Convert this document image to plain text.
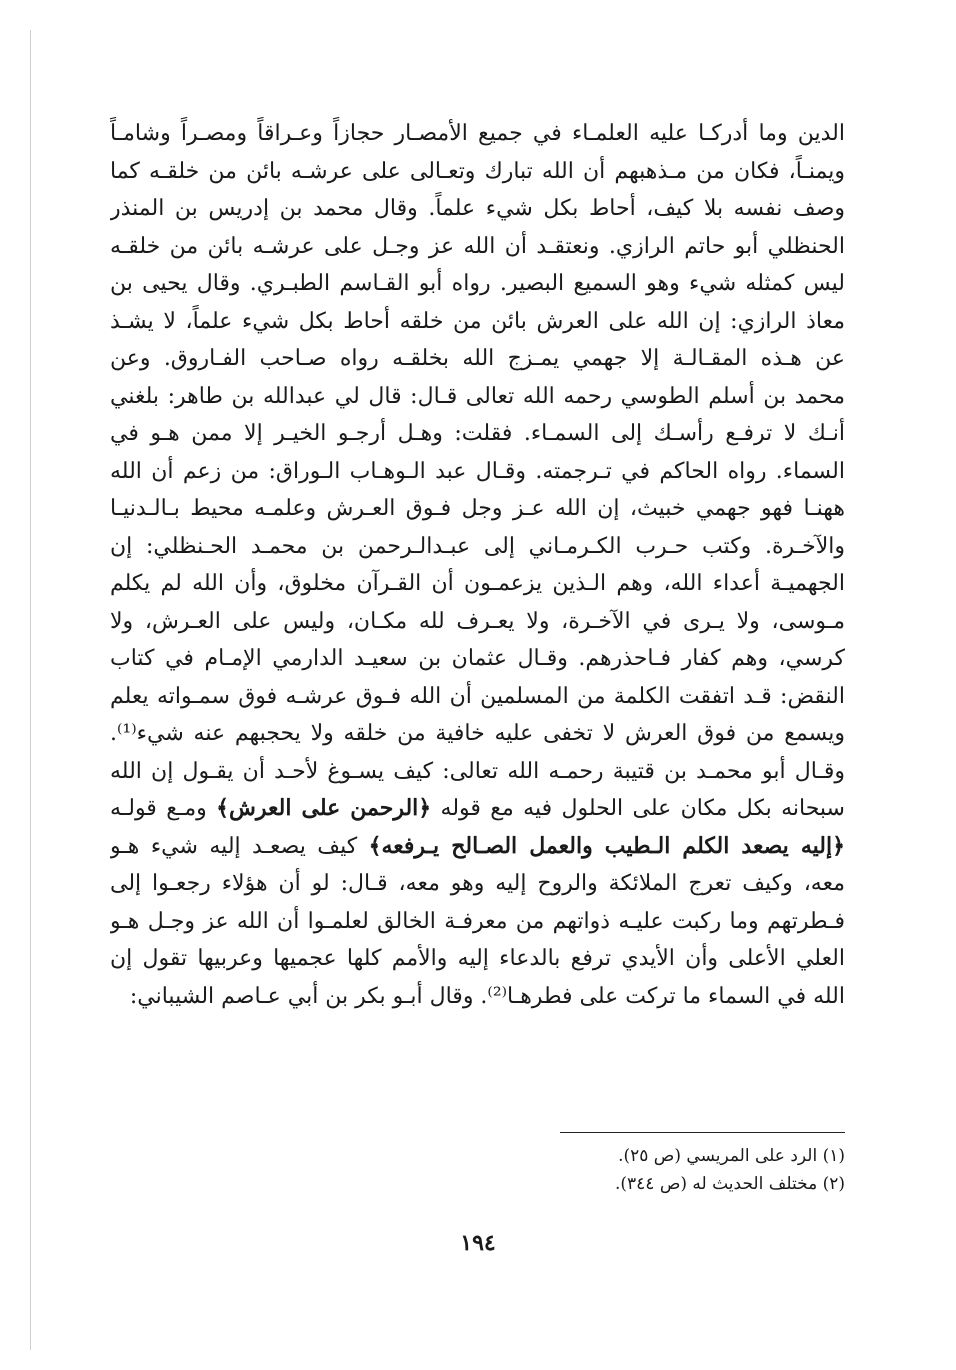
الدين وما أدركـا عليه العلمـاء في جميع الأمصـار حجازاً وعـراقاً ومصـراً وشامـاً
ويمنـاً، فكان من مـذهبهم أن الله تبارك وتعـالى على عرشـه بائن من خلقـه كما
وصف نفسه بلا كيف، أحاط بكل شيء علماً. وقال محمد بن إدريس بن المنذر
الحنظلي أبو حاتم الرازي. ونعتقـد أن الله عز وجـل على عرشـه بائن من خلقـه
ليس كمثله شيء وهو السميع البصير. رواه أبو القـاسم الطبـري. وقال يحيى بن
معاذ الرازي: إن الله على العرش بائن من خلقه أحاط بكل شيء علماً، لا يشـذ
عن هـذه المقـالـة إلا جهمي يمـزج الله بخلقـه رواه صـاحب الفـاروق. وعن
محمد بن أسلم الطوسي رحمه الله تعالى قـال: قال لي عبدالله بن طاهر: بلغني
أنـك لا ترفـع رأسـك إلى السمـاء. فقلت: وهـل أرجـو الخيـر إلا ممن هـو في
السماء. رواه الحاكم في تـرجمته. وقـال عبد الـوهـاب الـوراق: من زعم أن الله
ههنـا فهو جهمي خبيث، إن الله عـز وجل فـوق العـرش وعلمـه محيط بـالـدنيـا
والآخـرة. وكتب حـرب الكـرمـاني إلى عبـدالـرحمن بن محمـد الحـنظلي: إن
الجهميـة أعداء الله، وهم الـذين يزعمـون أن القـرآن مخلوق، وأن الله لم يكلم
مـوسى، ولا يـرى في الآخـرة، ولا يعـرف لله مكـان، وليس على العـرش، ولا
كرسي، وهم كفار فـاحذرهم. وقـال عثمان بن سعيـد الدارمي الإمـام في كتاب
النقض: قـد اتفقت الكلمة من المسلمين أن الله فـوق عرشـه فوق سمـواته يعلم
ويسمع من فوق العرش لا تخفى عليه خافية من خلقه ولا يحجبهم عنه شيء⁽¹⁾.
وقـال أبو محمـد بن قتيبة رحمـه الله تعالى: كيف يسـوغ لأحـد أن يقـول إن الله
سبحانه بكل مكان على الحلول فيه مع قوله ﴿الرحمن على العرش﴾ ومـع قولـه
﴿إليه يصعد الكلم الـطيب والعمل الصـالح يـرفعه﴾ كيف يصعـد إليه شيء هـو
معه، وكيف تعرج الملائكة والروح إليه وهو معه، قـال: لو أن هؤلاء رجعـوا إلى
فـطرتهم وما ركبت عليـه ذواتهم من معرفـة الخالق لعلمـوا أن الله عز وجـل هـو
العلي الأعلى وأن الأيدي ترفع بالدعاء إليه والأمم كلها عجميها وعربيها تقول إن
الله في السماء ما تركت على فطرهـا⁽²⁾. وقال أبـو بكر بن أبي عـاصم الشيباني:
(١) الرد على المريسي (ص ٢٥).
(٢) مختلف الحديث له (ص ٣٤٤).
١٩٤
